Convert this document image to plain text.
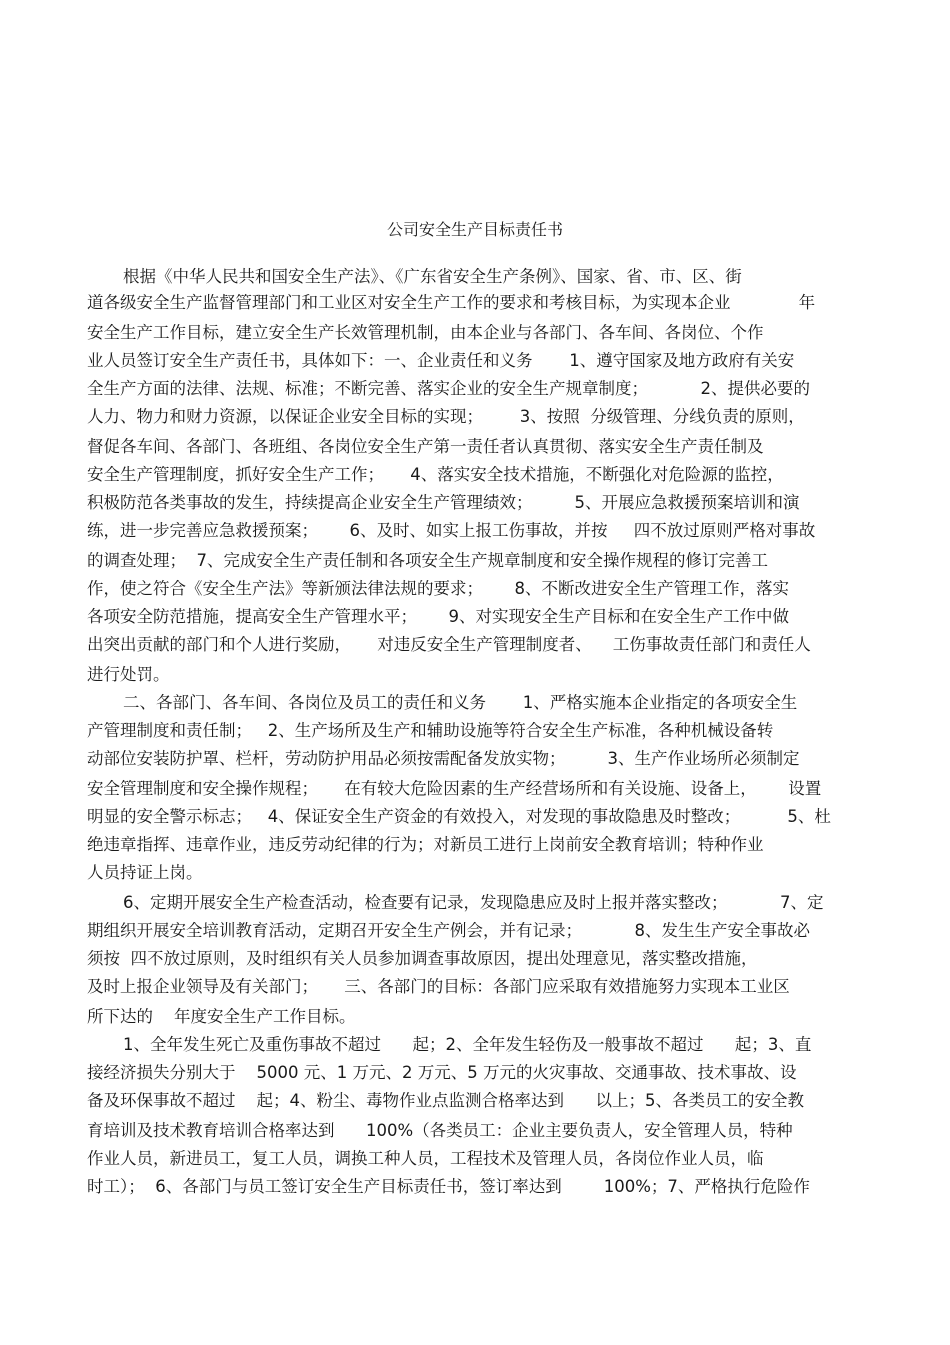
公司安全生产目标责任书
根据《中华人民共和国安全生产法》、《广东省安全生产条例》、国家、省、市、区、街
道各级安全生产监督管理部门和工业区对安全生产工作的要求和考核目标，为实现本企业             年
安全生产工作目标，建立安全生产长效管理机制，由本企业与各部门、各车间、各岗位、个作
业人员签订安全生产责任书，具体如下：一、企业责任和义务       1、遵守国家及地方政府有关安
全生产方面的法律、法规、标准；不断完善、落实企业的安全生产规章制度；          2、提供必要的
人力、物力和财力资源，以保证企业安全目标的实现；       3、按照  分级管理、分线负责的原则，
督促各车间、各部门、各班组、各岗位安全生产第一责任者认真贯彻、落实安全生产责任制及
安全生产管理制度，抓好安全生产工作；     4、落实安全技术措施，不断强化对危险源的监控，
积极防范各类事故的发生，持续提高企业安全生产管理绩效；        5、开展应急救援预案培训和演
练，进一步完善应急救援预案；      6、及时、如实上报工伤事故，并按     四不放过原则严格对事故
的调查处理；  7、完成安全生产责任制和各项安全生产规章制度和安全操作规程的修订完善工
作，使之符合《安全生产法》等新颁法律法规的要求；      8、不断改进安全生产管理工作，落实
各项安全防范措施，提高安全生产管理水平；      9、对实现安全生产目标和在安全生产工作中做
出突出贡献的部门和个人进行奖励，     对违反安全生产管理制度者、    工伤事故责任部门和责任人
进行处罚。
二、各部门、各车间、各岗位及员工的责任和义务       1、严格实施本企业指定的各项安全生
产管理制度和责任制；   2、生产场所及生产和辅助设施等符合安全生产标准，各种机械设备转
动部位安装防护罩、栏杆，劳动防护用品必须按需配备发放实物；        3、生产作业场所必须制定
安全管理制度和安全操作规程；     在有较大危险因素的生产经营场所和有关设施、设备上，      设置
明显的安全警示标志；   4、保证安全生产资金的有效投入，对发现的事故隐患及时整改；         5、杜
绝违章指挥、违章作业，违反劳动纪律的行为；对新员工进行上岗前安全教育培训；特种作业
人员持证上岗。
6、定期开展安全生产检查活动，检查要有记录，发现隐患应及时上报并落实整改；          7、定
期组织开展安全培训教育活动，定期召开安全生产例会，并有记录；          8、发生生产安全事故必
须按  四不放过原则，及时组织有关人员参加调查事故原因，提出处理意见，落实整改措施，
及时上报企业领导及有关部门；     三、各部门的目标：各部门应采取有效措施努力实现本工业区
所下达的    年度安全生产工作目标。
1、全年发生死亡及重伤事故不超过      起；2、全年发生轻伤及一般事故不超过      起；3、直
接经济损失分别大于    5000 元、1 万元、2 万元、5 万元的火灾事故、交通事故、技术事故、设
备及环保事故不超过    起；4、粉尘、毒物作业点监测合格率达到      以上；5、各类员工的安全教
育培训及技术教育培训合格率达到      100%（各类员工：企业主要负责人，安全管理人员，特种
作业人员，新进员工，复工人员，调换工种人员，工程技术及管理人员，各岗位作业人员，临
时工）；  6、各部门与员工签订安全生产目标责任书，签订率达到        100%；7、严格执行危险作
